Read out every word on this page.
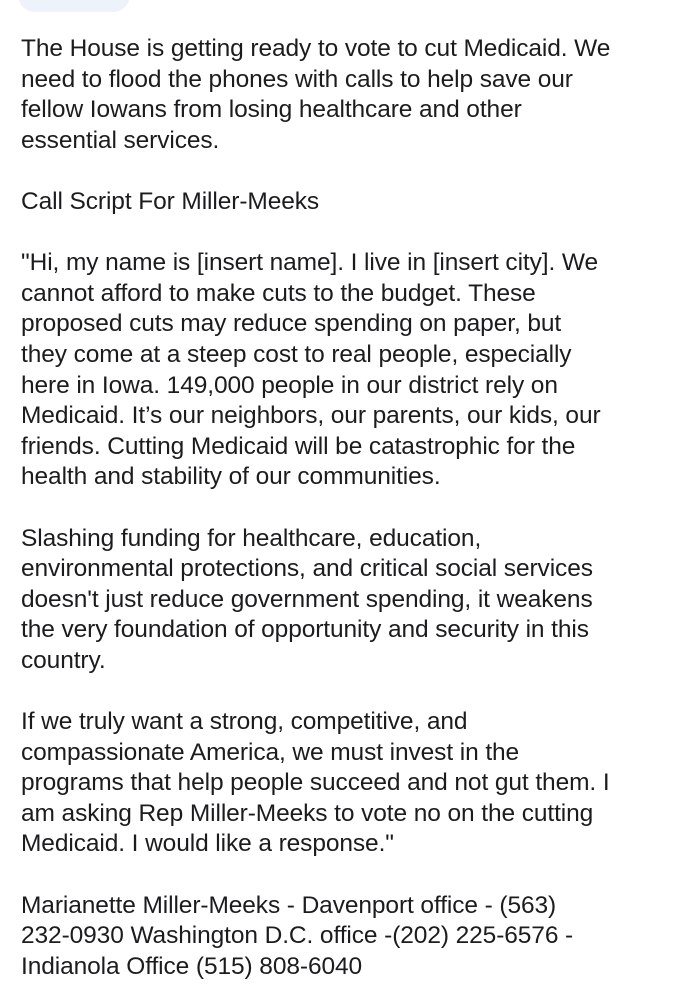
The House is getting ready to vote to cut Medicaid. We
need to flood the phones with calls to help save our
fellow Iowans from losing healthcare and other
essential services.

Call Script For Miller-Meeks

"Hi, my name is [insert name]. I live in [insert city]. We
cannot afford to make cuts to the budget. These
proposed cuts may reduce spending on paper, but
they come at a steep cost to real people, especially
here in Iowa. 149,000 people in our district rely on
Medicaid. It’s our neighbors, our parents, our kids, our
friends. Cutting Medicaid will be catastrophic for the
health and stability of our communities.

Slashing funding for healthcare, education,
environmental protections, and critical social services
doesn't just reduce government spending, it weakens
the very foundation of opportunity and security in this
country.

If we truly want a strong, competitive, and
compassionate America, we must invest in the
programs that help people succeed and not gut them. I
am asking Rep Miller-Meeks to vote no on the cutting
Medicaid. I would like a response."

Marianette Miller-Meeks - Davenport office - (563)
232-0930 Washington D.C. office -(202) 225-6576 -
Indianola Office (515) 808-6040
